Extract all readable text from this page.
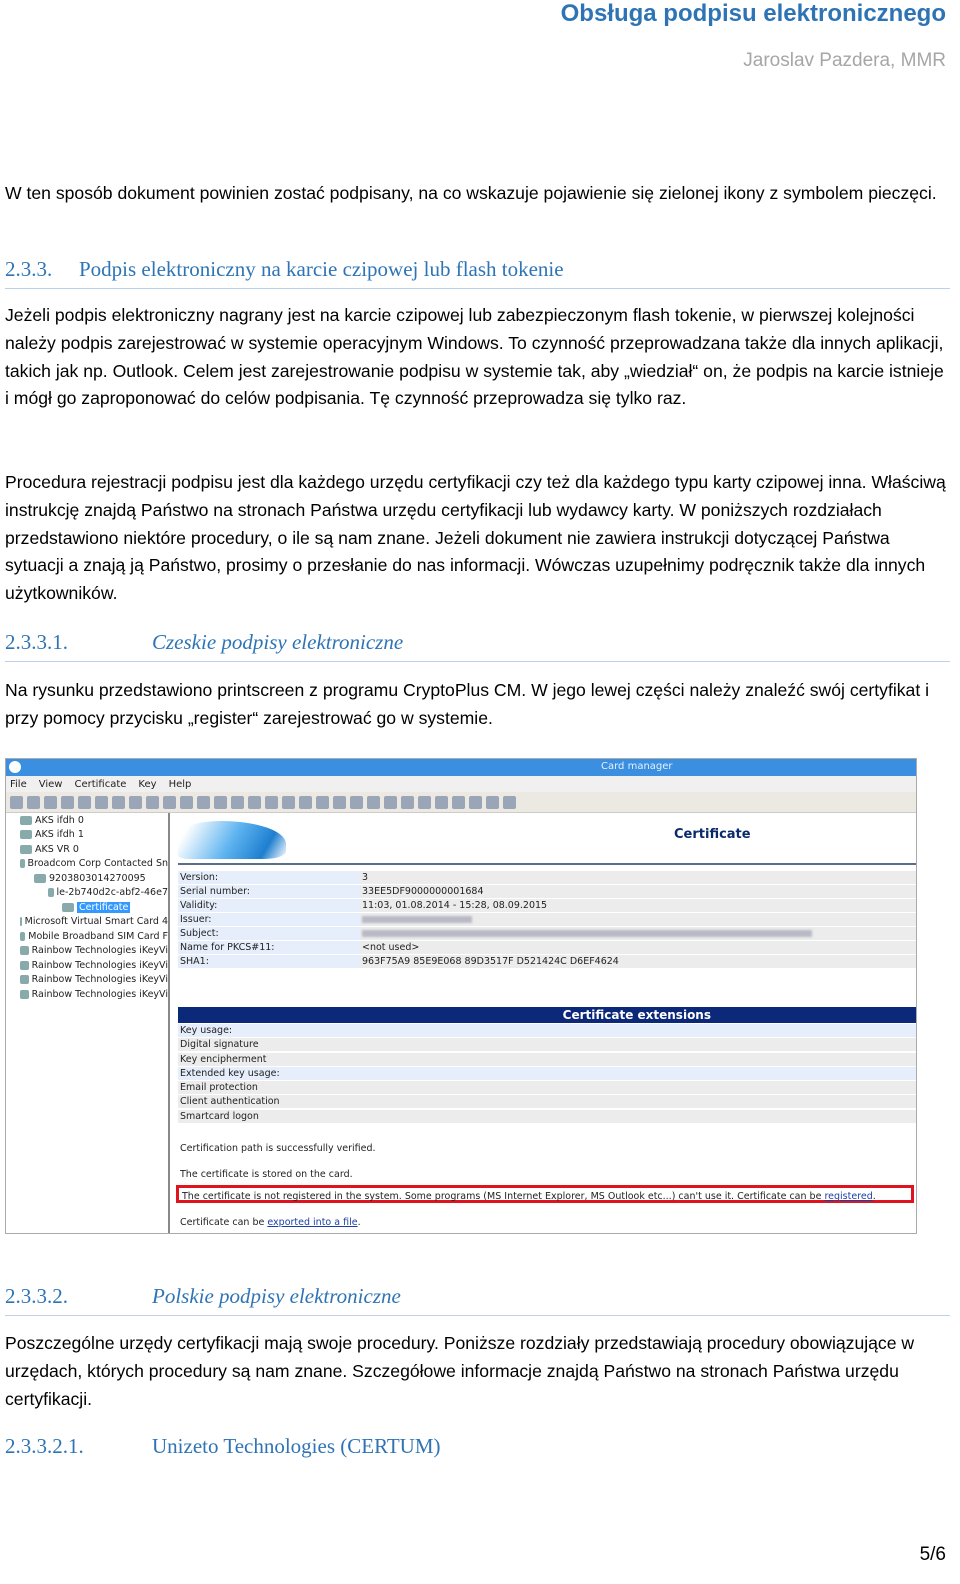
Obsługa podpisu elektronicznego
Jaroslav Pazdera, MMR
W ten sposób dokument powinien zostać podpisany, na co wskazuje pojawienie się zielonej ikony z symbolem pieczęci.
2.3.3. Podpis elektroniczny na karcie czipowej lub flash tokenie
Jeżeli podpis elektroniczny nagrany jest na karcie czipowej lub zabezpieczonym flash tokenie, w pierwszej kolejności należy podpis zarejestrować w systemie operacyjnym Windows. To czynność przeprowadzana także dla innych aplikacji, takich jak np. Outlook. Celem jest zarejestrowanie podpisu w systemie tak, aby „wiedział“ on, że podpis na karcie istnieje i mógł go zaproponować do celów podpisania. Tę czynność przeprowadza się tylko raz.
Procedura rejestracji podpisu jest dla każdego urzędu certyfikacji czy też dla każdego typu karty czipowej inna. Właściwą instrukcję znajdą Państwo na stronach Państwa urzędu certyfikacji lub wydawcy karty. W poniższych rozdziałach przedstawiono niektóre procedury, o ile są nam znane. Jeżeli dokument nie zawiera instrukcji dotyczącej Państwa sytuacji a znają ją Państwo, prosimy o przesłanie do nas informacji. Wówczas uzupełnimy podręcznik także dla innych użytkowników.
2.3.3.1.	Czeskie podpisy elektroniczne
Na rysunku przedstawiono printscreen z programu CryptoPlus CM. W jego lewej części należy znaleźć swój certyfikat i przy pomocy przycisku „register“ zarejestrować go w systemie.
Card manager
File View Certificate Key Help
AKS ifdh 0
AKS ifdh 1
AKS VR 0
Broadcom Corp Contacted Sn
9203803014270095
le-2b740d2c-abf2-46e7
Certificate
Microsoft Virtual Smart Card 4
Mobile Broadband SIM Card F
Rainbow Technologies iKeyVi
Rainbow Technologies iKeyVi
Rainbow Technologies iKeyVi
Rainbow Technologies iKeyVi
Certificate
Version:	3
Serial number:	33EE5DF9000000001684
Validity:	11:03, 01.08.2014 - 15:28, 08.09.2015
Issuer:
Subject:
Name for PKCS#11:	<not used>
SHA1:	963F75A9 85E9E068 89D3517F D521424C D6EF4624
Certificate extensions
Key usage:
Digital signature
Key encipherment
Extended key usage:
Email protection
Client authentication
Smartcard logon
Certification path is successfully verified.
The certificate is stored on the card.
The certificate is not registered in the system. Some programs (MS Internet Explorer, MS Outlook etc...) can't use it. Certificate can be registered.
Certificate can be exported into a file.
2.3.3.2.	Polskie podpisy elektroniczne
Poszczególne urzędy certyfikacji mają swoje procedury. Poniższe rozdziały przedstawiają procedury obowiązujące w urzędach, których procedury są nam znane. Szczegółowe informacje znajdą Państwo na stronach Państwa urzędu certyfikacji.
2.3.3.2.1.	Unizeto Technologies (CERTUM)
5/6
